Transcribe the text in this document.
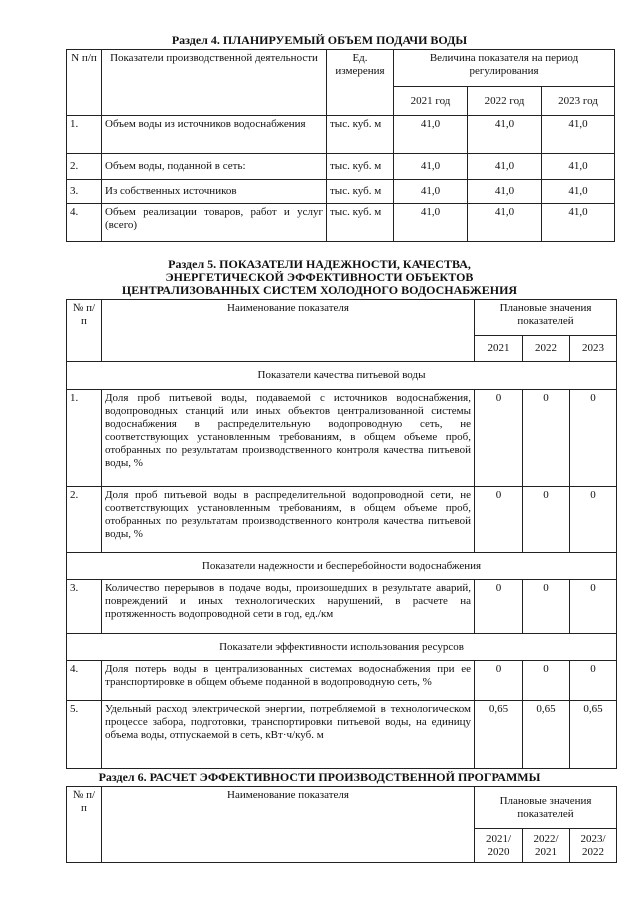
Раздел 4. ПЛАНИРУЕМЫЙ ОБЪЕМ ПОДАЧИ ВОДЫ
N п/п	Показатели производственной деятельности	Ед. измерения	Величина показателя на период регулирования		
			2021 год	2022 год	2023 год
1.	Объем воды из источников водоснабжения	тыс. куб. м	41,0	41,0	41,0
2.	Объем воды, поданной в сеть:	тыс. куб. м	41,0	41,0	41,0
3.	Из собственных источников	тыс. куб. м	41,0	41,0	41,0
4.	Объем реализации товаров, работ и услуг (всего)	тыс. куб. м	41,0	41,0	41,0
Раздел 5. ПОКАЗАТЕЛИ НАДЕЖНОСТИ, КАЧЕСТВА, ЭНЕРГЕТИЧЕСКОЙ ЭФФЕКТИВНОСТИ ОБЪЕКТОВ ЦЕНТРАЛИЗОВАННЫХ СИСТЕМ ХОЛОДНОГО ВОДОСНАБЖЕНИЯ
№ п/п	Наименование показателя	Плановые значения показателей		
		2021	2022	2023
Показатели качества питьевой воды				
1.	Доля проб питьевой воды, подаваемой с источников водоснабжения, водопроводных станций или иных объектов централизованной системы водоснабжения в распределительную водопроводную сеть, не соответствующих установленным требованиям, в общем объеме проб, отобранных по результатам производственного контроля качества питьевой воды, %	0	0	0
2.	Доля проб питьевой воды в распределительной водопроводной сети, не соответствующих установленным требованиям, в общем объеме проб, отобранных по результатам производственного контроля качества питьевой воды, %	0	0	0
Показатели надежности и бесперебойности водоснабжения				
3.	Количество перерывов в подаче воды, произошедших в результате аварий, повреждений и иных технологических нарушений, в расчете на протяженность водопроводной сети в год, ед./км	0	0	0
Показатели эффективности использования ресурсов				
4.	Доля потерь воды в централизованных системах водоснабжения при ее транспортировке в общем объеме поданной в водопроводную сеть, %	0	0	0
5.	Удельный расход электрической энергии, потребляемой в технологическом процессе забора, подготовки, транспортировки питьевой воды, на единицу объема воды, отпускаемой в сеть, кВт·ч/куб. м	0,65	0,65	0,65
Раздел 6. РАСЧЕТ ЭФФЕКТИВНОСТИ ПРОИЗВОДСТВЕННОЙ ПРОГРАММЫ
№ п/п	Наименование показателя	Плановые значения показателей		
		2021/ 2020	2022/ 2021	2023/ 2022
